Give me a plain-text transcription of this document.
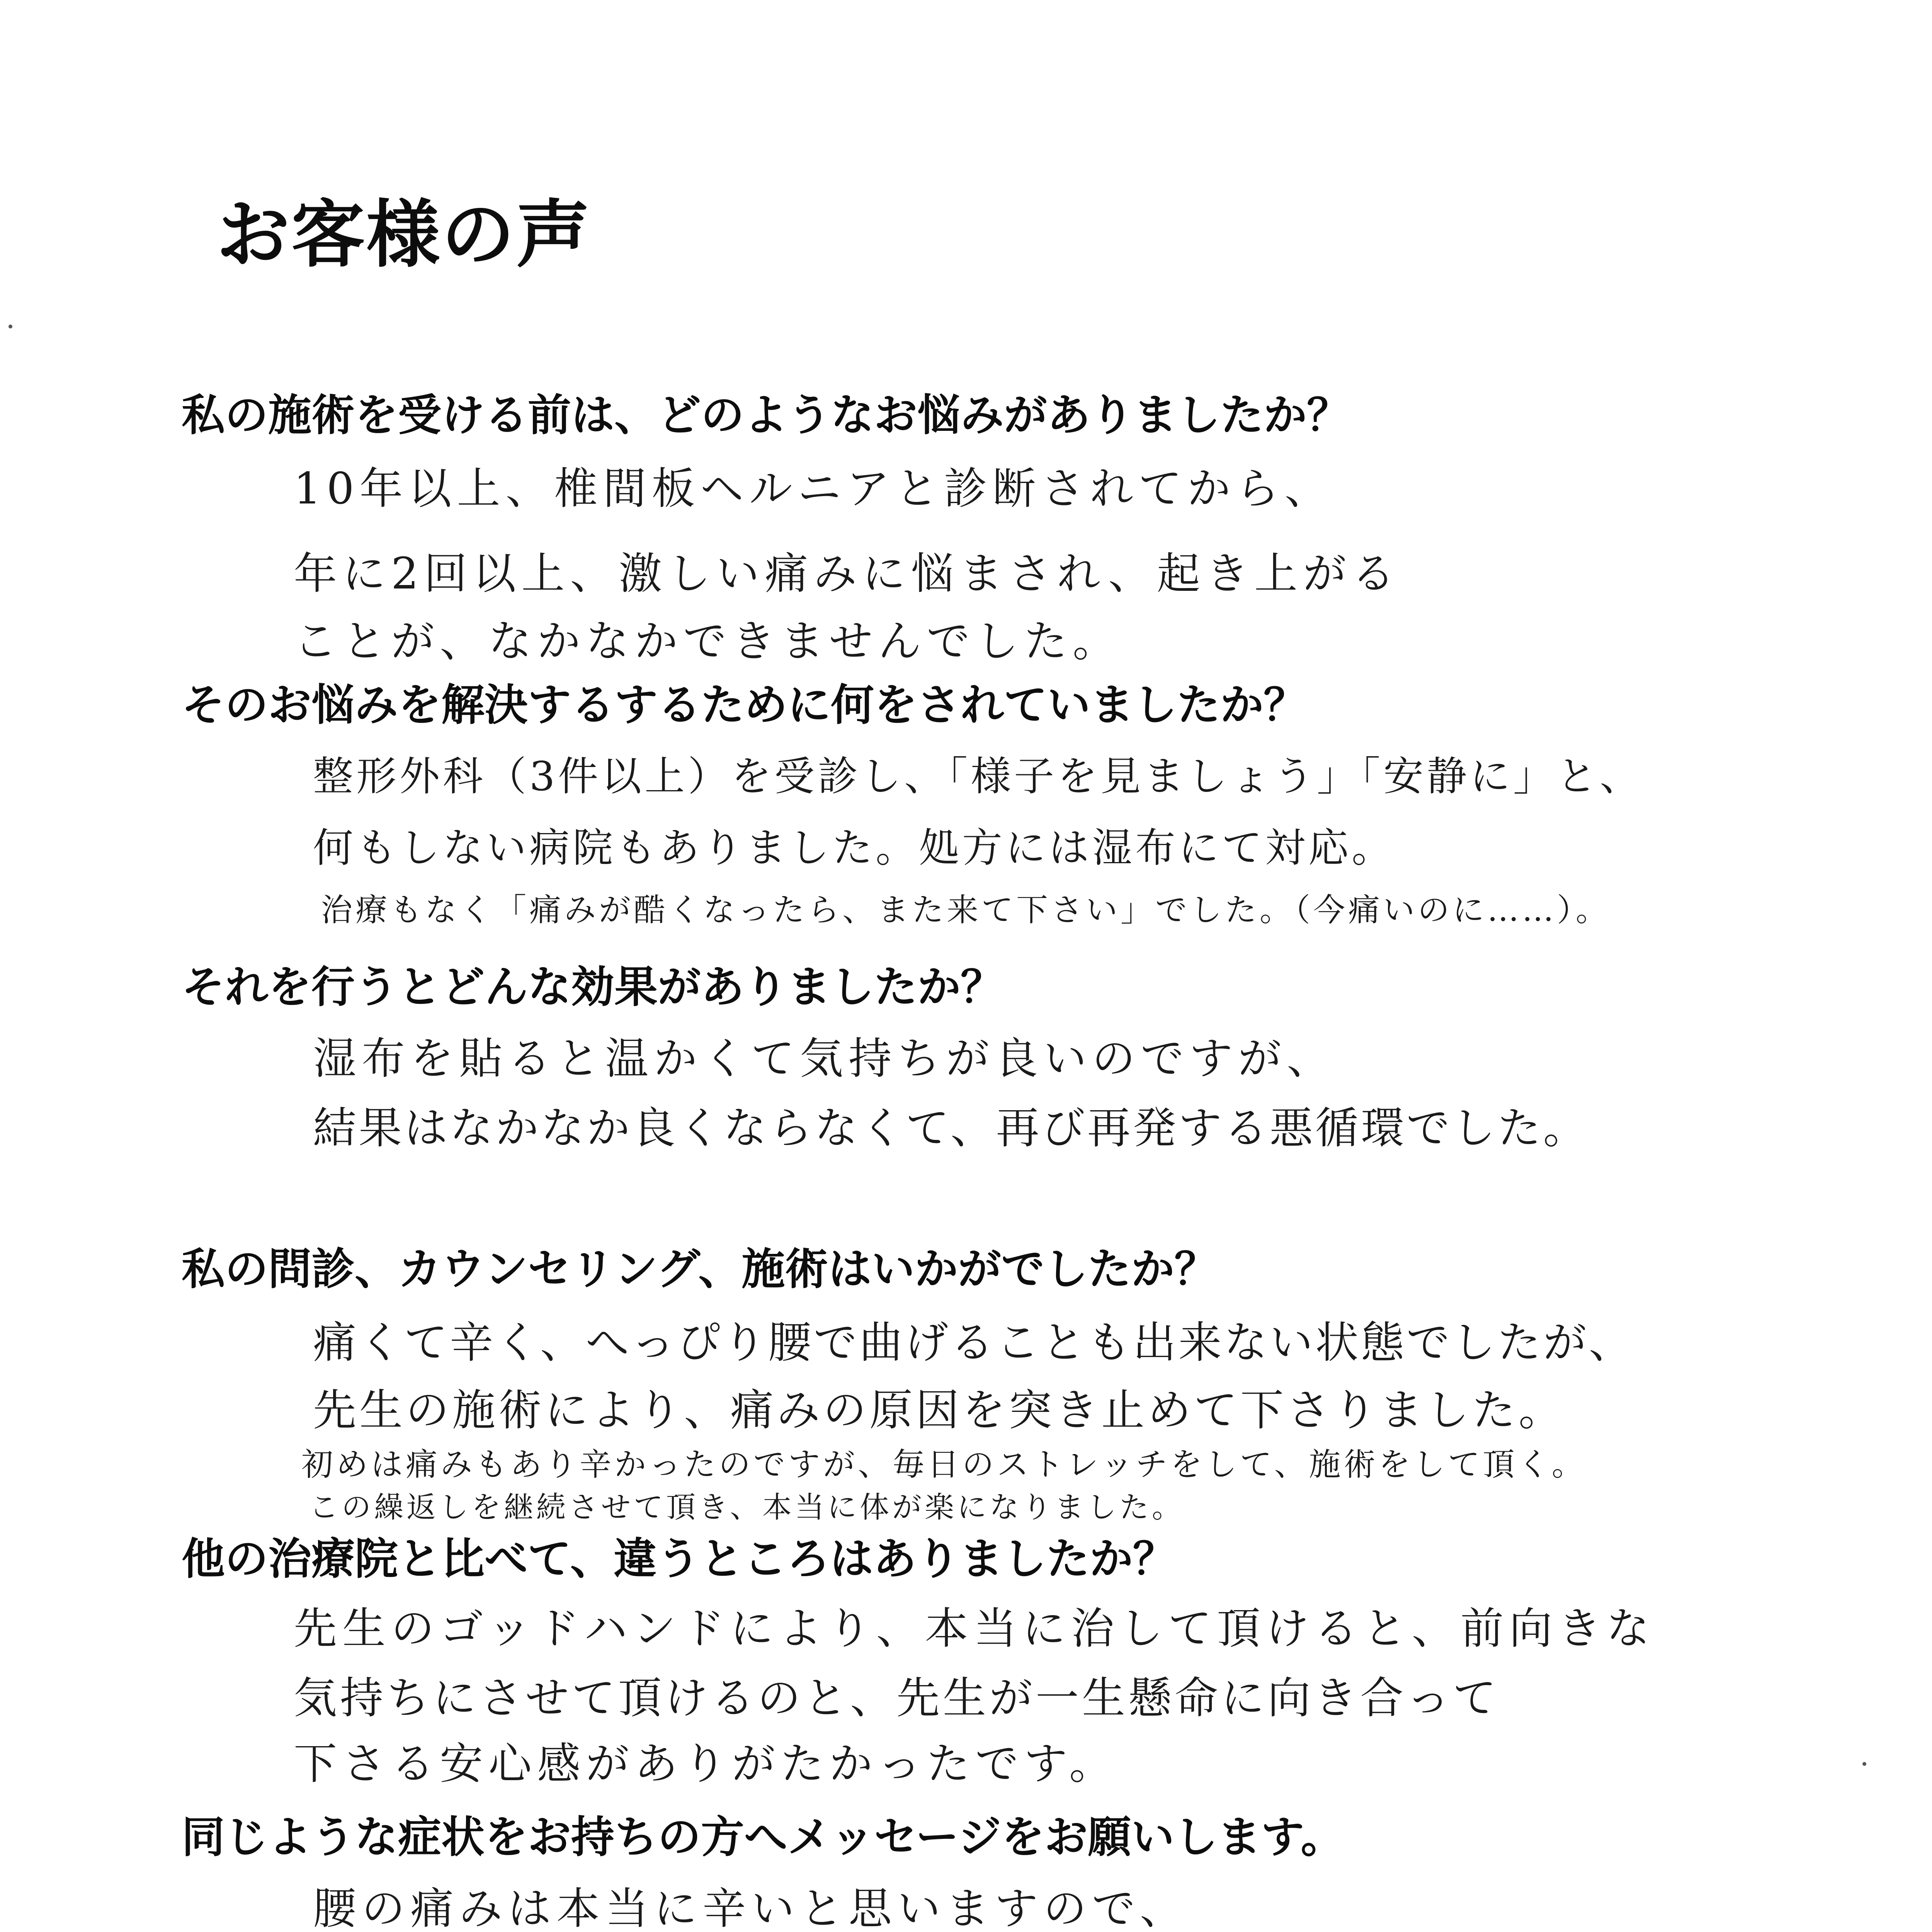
お客様の声
私の施術を受ける前は、どのようなお悩みがありましたか？
10年以上、椎間板ヘルニアと診断されてから、
年に2回以上、激しい痛みに悩まされ、起き上がる
ことが、なかなかできませんでした。
そのお悩みを解決するするために何をされていましたか？
整形外科（3件以上）を受診し、「様子を見ましょう」「安静に」と、
何もしない病院もありました。処方には湿布にて対応。
治療もなく「痛みが酷くなったら、また来て下さい」でした。（今痛いのに……）。
それを行うとどんな効果がありましたか？
湿布を貼ると温かくて気持ちが良いのですが、
結果はなかなか良くならなくて、再び再発する悪循環でした。
私の問診、カウンセリング、施術はいかがでしたか？
痛くて辛く、へっぴり腰で曲げることも出来ない状態でしたが、
先生の施術により、痛みの原因を突き止めて下さりました。
初めは痛みもあり辛かったのですが、毎日のストレッチをして、施術をして頂く。
この繰返しを継続させて頂き、本当に体が楽になりました。
他の治療院と比べて、違うところはありましたか？
先生のゴッドハンドにより、本当に治して頂けると、前向きな
気持ちにさせて頂けるのと、先生が一生懸命に向き合って
下さる安心感がありがたかったです。
同じような症状をお持ちの方へメッセージをお願いします。
腰の痛みは本当に辛いと思いますので、
